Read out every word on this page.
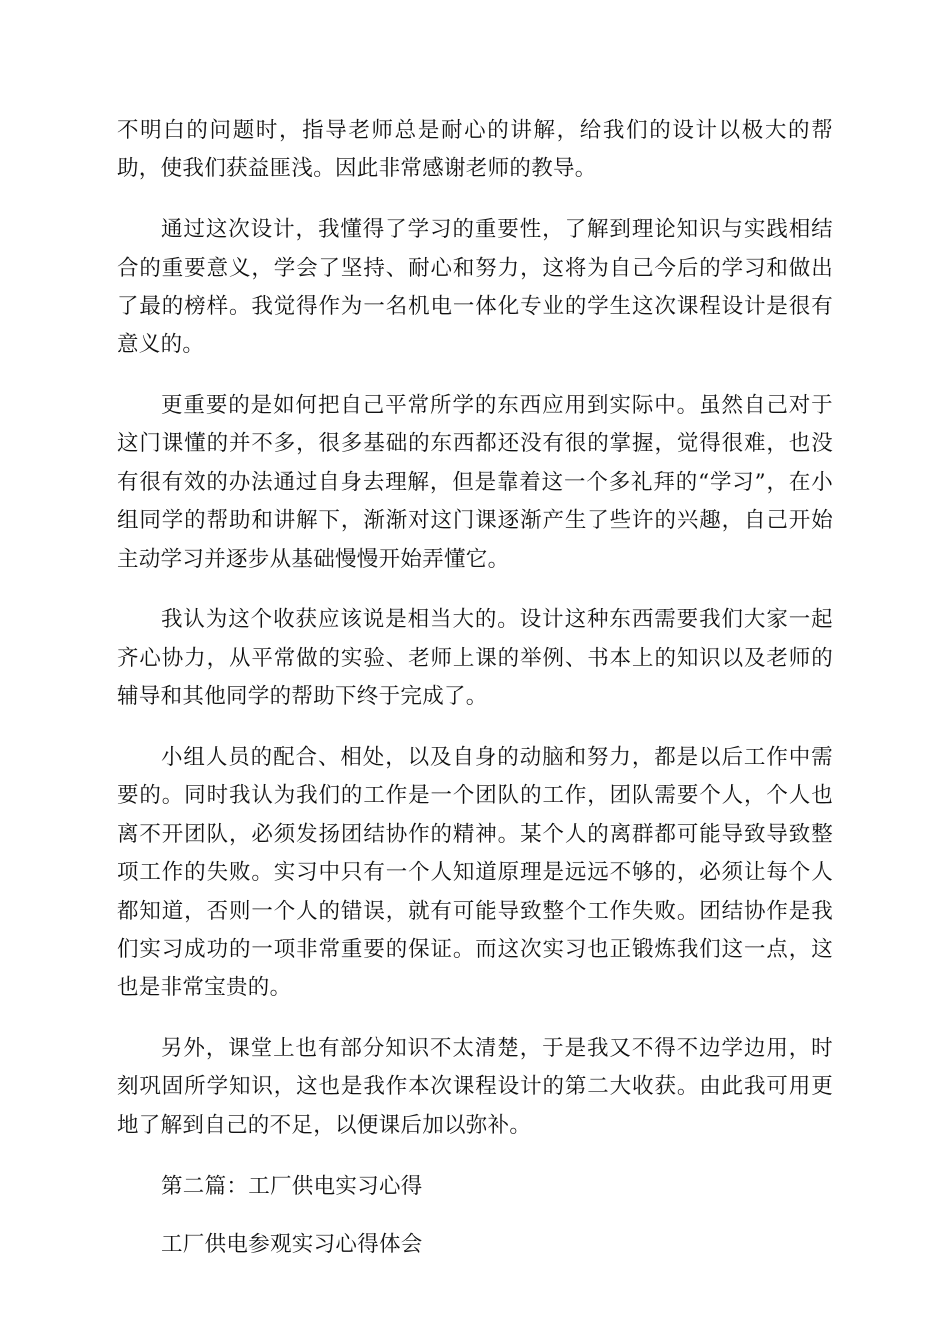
不明白的问题时，指导老师总是耐心的讲解，给我们的设计以极大的帮助，使我们获益匪浅。因此非常感谢老师的教导。

通过这次设计，我懂得了学习的重要性，了解到理论知识与实践相结合的重要意义，学会了坚持、耐心和努力，这将为自己今后的学习和做出了最的榜样。我觉得作为一名机电一体化专业的学生这次课程设计是很有意义的。

更重要的是如何把自己平常所学的东西应用到实际中。虽然自己对于这门课懂的并不多，很多基础的东西都还没有很的掌握，觉得很难，也没有很有效的办法通过自身去理解，但是靠着这一个多礼拜的“学习”，在小组同学的帮助和讲解下，渐渐对这门课逐渐产生了些许的兴趣，自己开始主动学习并逐步从基础慢慢开始弄懂它。

我认为这个收获应该说是相当大的。设计这种东西需要我们大家一起齐心协力，从平常做的实验、老师上课的举例、书本上的知识以及老师的辅导和其他同学的帮助下终于完成了。

小组人员的配合、相处，以及自身的动脑和努力，都是以后工作中需要的。同时我认为我们的工作是一个团队的工作，团队需要个人，个人也离不开团队，必须发扬团结协作的精神。某个人的离群都可能导致导致整项工作的失败。实习中只有一个人知道原理是远远不够的，必须让每个人都知道，否则一个人的错误，就有可能导致整个工作失败。团结协作是我们实习成功的一项非常重要的保证。而这次实习也正锻炼我们这一点，这也是非常宝贵的。

另外，课堂上也有部分知识不太清楚，于是我又不得不边学边用，时刻巩固所学知识，这也是我作本次课程设计的第二大收获。由此我可用更地了解到自己的不足，以便课后加以弥补。

第二篇：工厂供电实习心得

工厂供电参观实习心得体会
